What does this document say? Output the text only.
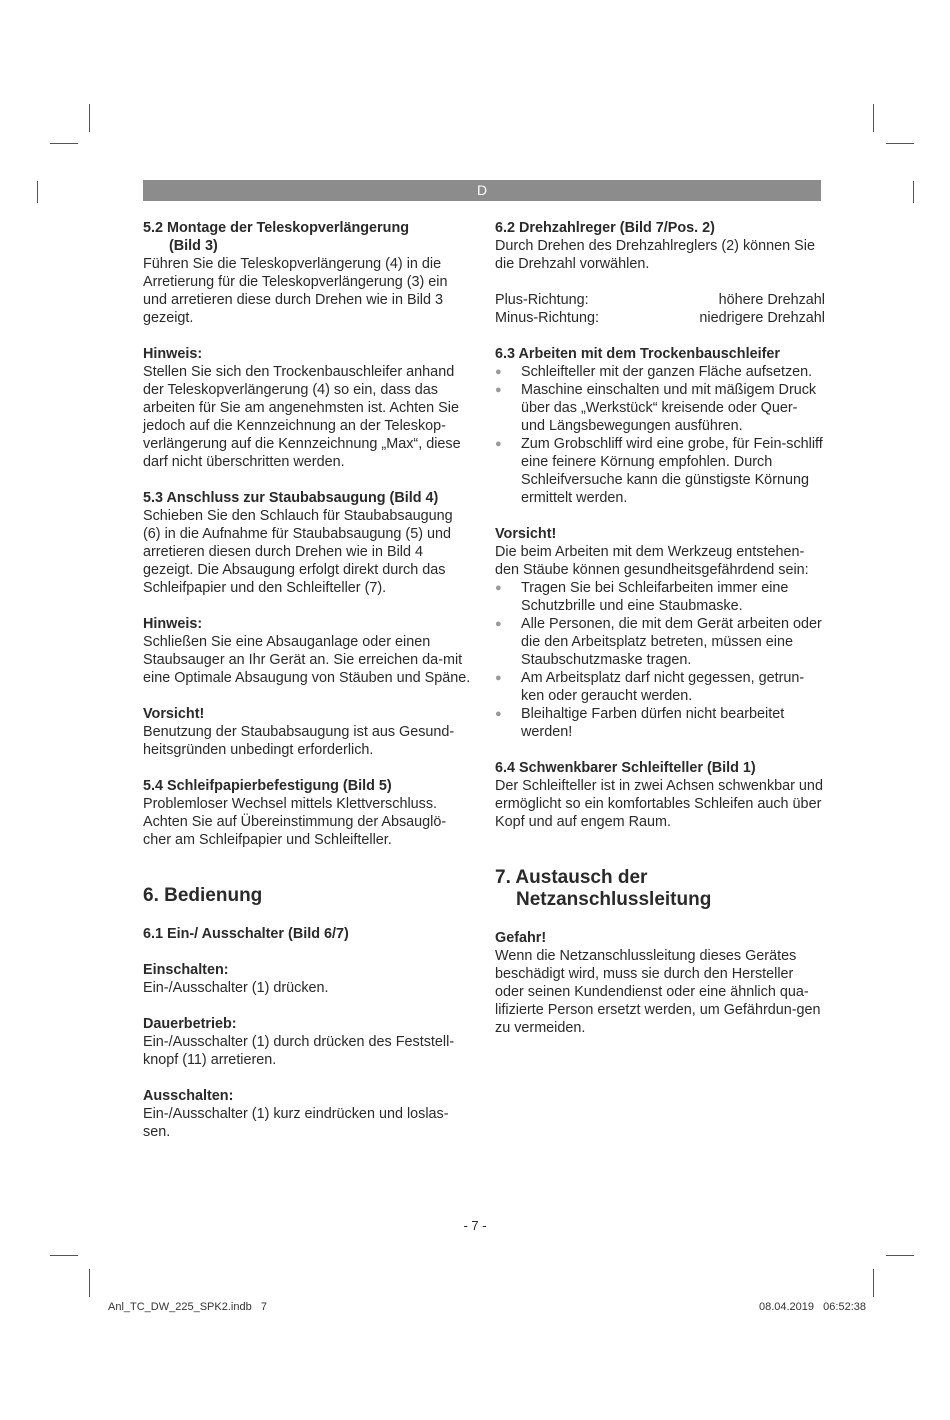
D
5.2 Montage der Teleskopverlängerung
(Bild 3)

Führen Sie die Teleskopverlängerung (4) in die Arretierung für die Teleskopverlängerung (3) ein und arretieren diese durch Drehen wie in Bild 3 gezeigt.

Hinweis:

Stellen Sie sich den Trockenbauschleifer anhand der Teleskopverlängerung (4) so ein, dass das arbeiten für Sie am angenehmsten ist. Achten Sie jedoch auf die Kennzeichnung an der Teleskop-verlängerung auf die Kennzeichnung „Max“, diese darf nicht überschritten werden.

5.3 Anschluss zur Staubabsaugung (Bild 4)

Schieben Sie den Schlauch für Staubabsaugung (6) in die Aufnahme für Staubabsaugung (5) und arretieren diesen durch Drehen wie in Bild 4 gezeigt. Die Absaugung erfolgt direkt durch das Schleifpapier und den Schleifteller (7).

Hinweis:

Schließen Sie eine Absauganlage oder einen Staubsauger an Ihr Gerät an. Sie erreichen da-mit eine Optimale Absaugung von Stäuben und Späne.

Vorsicht!

Benutzung der Staubabsaugung ist aus Gesund-heitsgründen unbedingt erforderlich.

5.4 Schleifpapierbefestigung (Bild 5)

Problemloser Wechsel mittels Klettverschluss. Achten Sie auf Übereinstimmung der Absauglö-cher am Schleifpapier und Schleifteller.

6. Bedienung
6.1 Ein-/ Ausschalter (Bild 6/7)
Einschalten:

Ein-/Ausschalter (1) drücken.

Dauerbetrieb:

Ein-/Ausschalter (1) durch drücken des Feststell-knopf (11) arretieren.

Ausschalten:

Ein-/Ausschalter (1) kurz eindrücken und loslas-sen.

6.2 Drehzahlreger (Bild 7/Pos. 2)

Durch Drehen des Drehzahlreglers (2) können Sie die Drehzahl vorwählen.

Plus-Richtung:	höhere Drehzahl
Minus-Richtung:	niedrigere Drehzahl
6.3 Arbeiten mit dem Trockenbauschleifer
● Schleifteller mit der ganzen Fläche aufsetzen.
● Maschine einschalten und mit mäßigem Druck über das „Werkstück“ kreisende oder Quer- und Längsbewegungen ausführen.
● Zum Grobschliff wird eine grobe, für Fein-schliff eine feinere Körnung empfohlen. Durch Schleifversuche kann die günstigste Körnung ermittelt werden.
Vorsicht!

Die beim Arbeiten mit dem Werkzeug entstehen-den Stäube können gesundheitsgefährdend sein:

● Tragen Sie bei Schleifarbeiten immer eine Schutzbrille und eine Staubmaske.
● Alle Personen, die mit dem Gerät arbeiten oder die den Arbeitsplatz betreten, müssen eine Staubschutzmaske tragen.
● Am Arbeitsplatz darf nicht gegessen, getrun-ken oder geraucht werden.
● Bleihaltige Farben dürfen nicht bearbeitet werden!
6.4 Schwenkbarer Schleifteller (Bild 1)

Der Schleifteller ist in zwei Achsen schwenkbar und ermöglicht so ein komfortables Schleifen auch über Kopf und auf engem Raum.

7. Austausch der
Netzanschlussleitung
Gefahr!

Wenn die Netzanschlussleitung dieses Gerätes beschädigt wird, muss sie durch den Hersteller oder seinen Kundendienst oder eine ähnlich qua-lifizierte Person ersetzt werden, um Gefährdun-gen zu vermeiden.

- 7 -
Anl_TC_DW_225_SPK2.indb   7	08.04.2019   06:52:38
